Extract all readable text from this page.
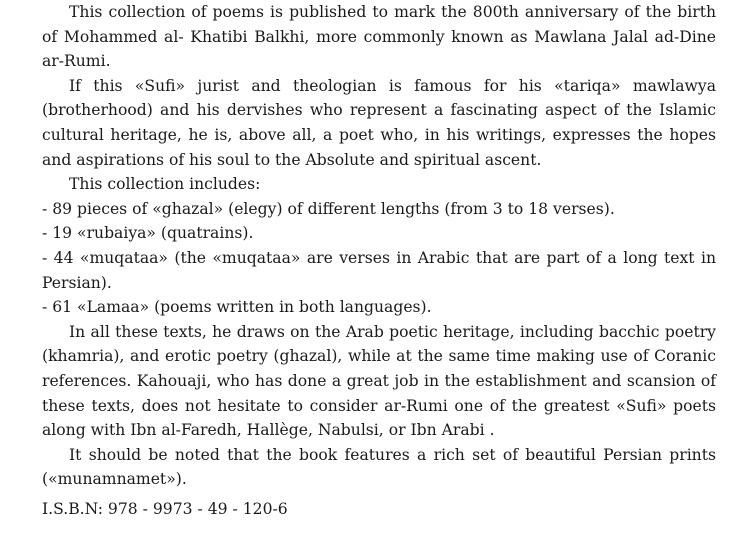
This collection of poems is published to mark the 800th anniversary of the birth of Mohammed al- Khatibi Balkhi, more commonly known as Mawlana Jalal ad-Dine ar-Rumi.

If this «Sufi» jurist and theologian is famous for his «tariqa» mawlawya (brotherhood) and his dervishes who represent a fascinating aspect of the Islamic cultural heritage, he is, above all, a poet who, in his writings, expresses the hopes and aspirations of his soul to the Absolute and spiritual ascent.

This collection includes:

- 89 pieces of «ghazal» (elegy) of different lengths (from 3 to 18 verses).

- 19 «rubaiya» (quatrains).

- 44 «muqataa» (the «muqataa» are verses in Arabic that are part of a long text in Persian).

- 61 «Lamaa» (poems written in both languages).

In all these texts, he draws on the Arab poetic heritage, including bacchic poetry (khamria), and erotic poetry (ghazal), while at the same time making use of Coranic references. Kahouaji, who has done a great job in the establishment and scansion of these texts, does not hesitate to consider ar-Rumi one of the greatest «Sufi» poets along with Ibn al-Faredh, Hallège, Nabulsi, or Ibn Arabi .

It should be noted that the book features a rich set of beautiful Persian prints («munamnamet»).

I.S.B.N: 978 - 9973 - 49 - 120-6
